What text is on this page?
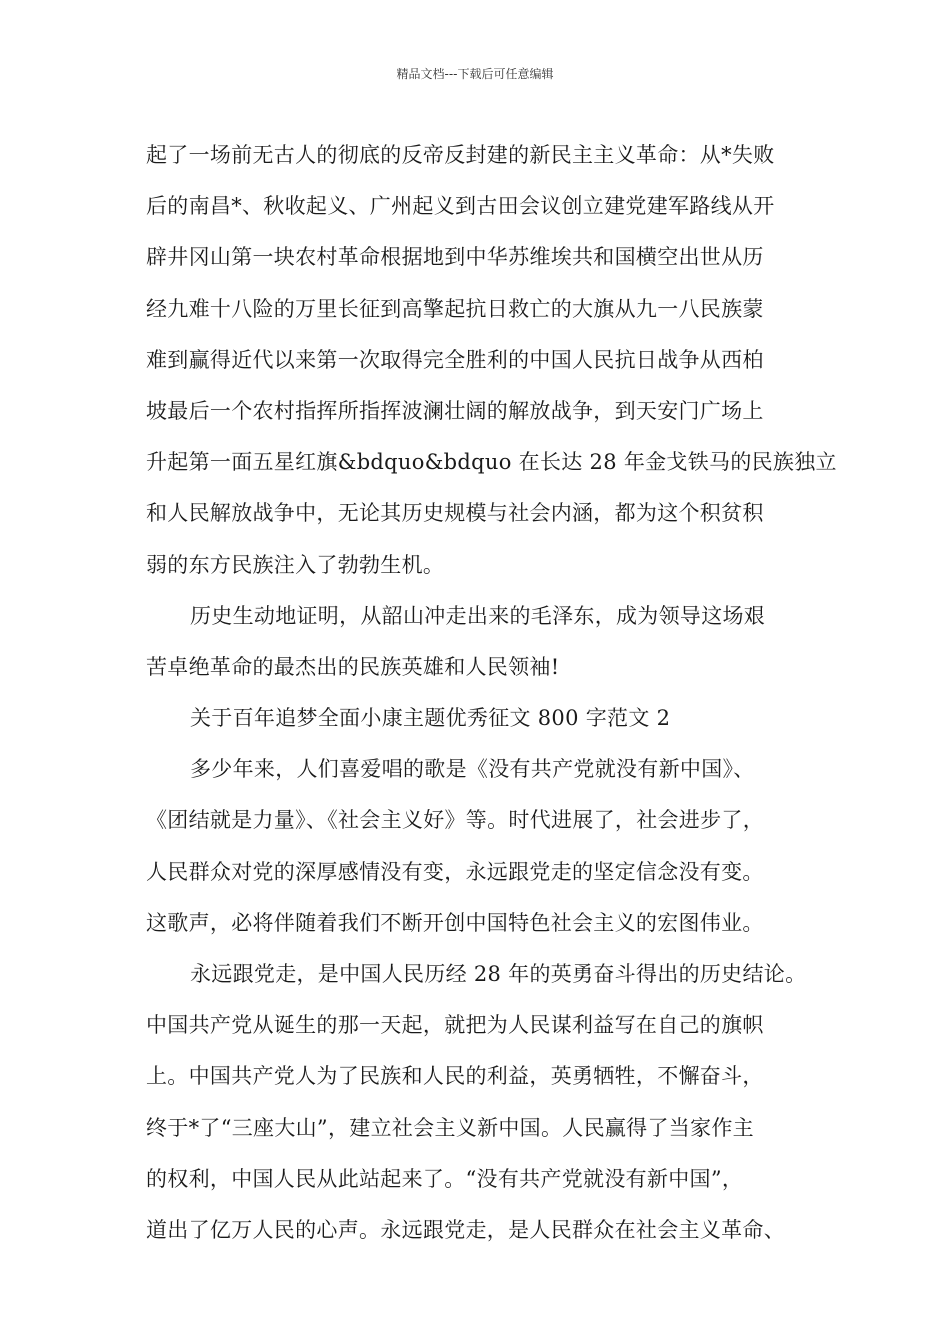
精品文档---下载后可任意编辑
起了一场前无古人的彻底的反帝反封建的新民主主义革命：从*失败
后的南昌*、秋收起义、广州起义到古田会议创立建党建军路线从开
辟井冈山第一块农村革命根据地到中华苏维埃共和国横空出世从历
经九难十八险的万里长征到高擎起抗日救亡的大旗从九一八民族蒙
难到赢得近代以来第一次取得完全胜利的中国人民抗日战争从西柏
坡最后一个农村指挥所指挥波澜壮阔的解放战争，到天安门广场上
升起第一面五星红旗&bdquo&bdquo 在长达 28 年金戈铁马的民族独立
和人民解放战争中，无论其历史规模与社会内涵，都为这个积贫积
弱的东方民族注入了勃勃生机。
历史生动地证明，从韶山冲走出来的毛泽东，成为领导这场艰
苦卓绝革命的最杰出的民族英雄和人民领袖!
关于百年追梦全面小康主题优秀征文 800 字范文 2
多少年来，人们喜爱唱的歌是《没有共产党就没有新中国》、
《团结就是力量》、《社会主义好》等。时代进展了，社会进步了，
人民群众对党的深厚感情没有变，永远跟党走的坚定信念没有变。
这歌声，必将伴随着我们不断开创中国特色社会主义的宏图伟业。
永远跟党走，是中国人民历经 28 年的英勇奋斗得出的历史结论。
中国共产党从诞生的那一天起，就把为人民谋利益写在自己的旗帜
上。中国共产党人为了民族和人民的利益，英勇牺牲，不懈奋斗，
终于*了“三座大山”，建立社会主义新中国。人民赢得了当家作主
的权利，中国人民从此站起来了。“没有共产党就没有新中国”，
道出了亿万人民的心声。永远跟党走，是人民群众在社会主义革命、
